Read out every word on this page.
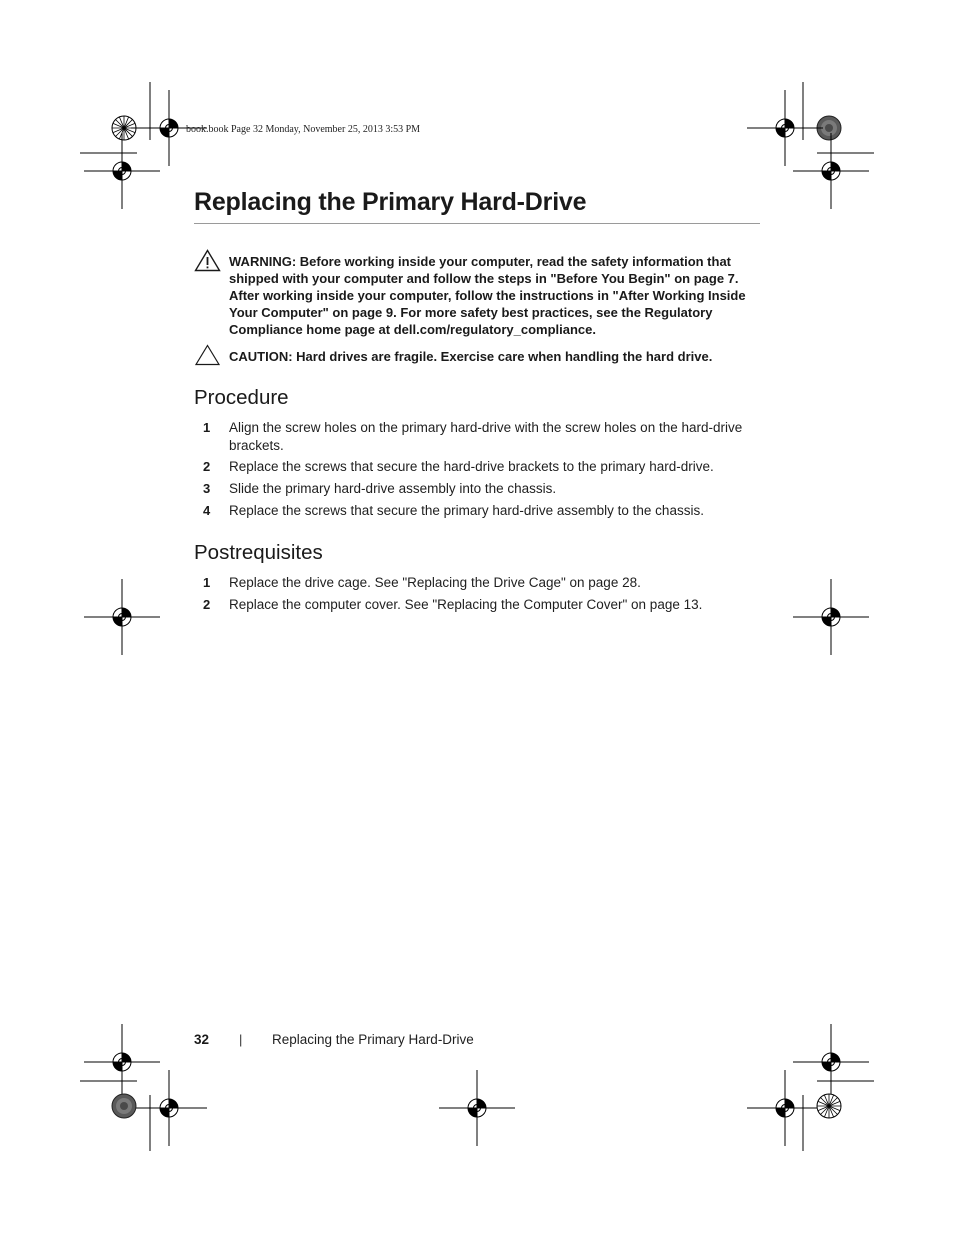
book.book Page 32 Monday, November 25, 2013 3:53 PM
Replacing the Primary Hard-Drive

WARNING: Before working inside your computer, read the safety information that shipped with your computer and follow the steps in "Before You Begin" on page 7. After working inside your computer, follow the instructions in "After Working Inside Your Computer" on page 9. For more safety best practices, see the Regulatory Compliance home page at dell.com/regulatory_compliance.

CAUTION: Hard drives are fragile. Exercise care when handling the hard drive.

Procedure
1 Align the screw holes on the primary hard-drive with the screw holes on the hard-drive brackets.

2 Replace the screws that secure the hard-drive brackets to the primary hard-drive.

3 Slide the primary hard-drive assembly into the chassis.

4 Replace the screws that secure the primary hard-drive assembly to the chassis.

Postrequisites
1 Replace the drive cage. See "Replacing the Drive Cage" on page 28.

2 Replace the computer cover. See "Replacing the Computer Cover" on page 13.

32 | Replacing the Primary Hard-Drive
